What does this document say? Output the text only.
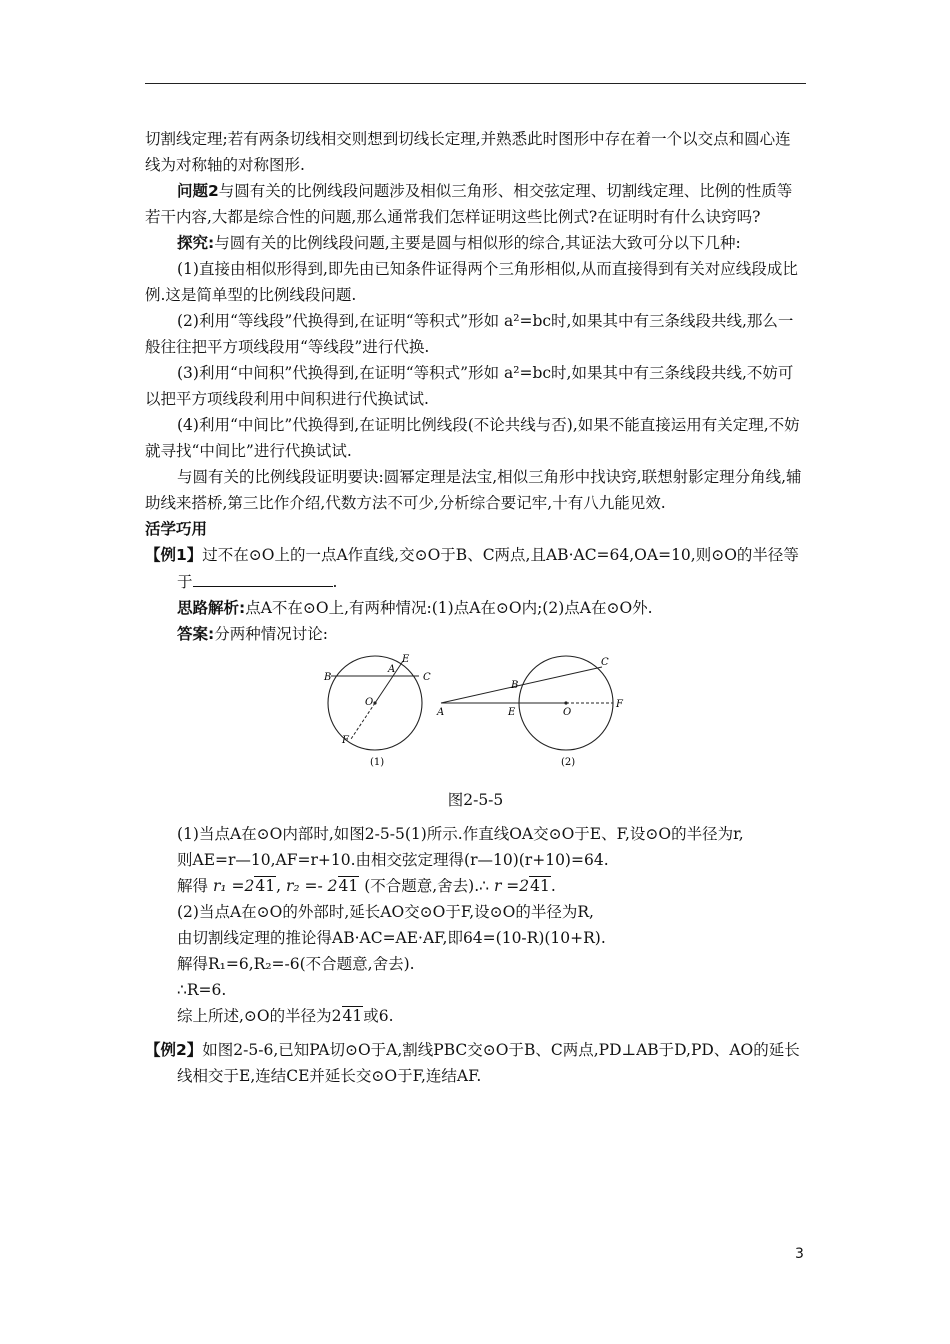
切割线定理;若有两条切线相交则想到切线长定理,并熟悉此时图形中存在着一个以交点和圆心连线为对称轴的对称图形.

问题2与圆有关的比例线段问题涉及相似三角形、相交弦定理、切割线定理、比例的性质等若干内容,大都是综合性的问题,那么通常我们怎样证明这些比例式?在证明时有什么诀窍吗?

探究:与圆有关的比例线段问题,主要是圆与相似形的综合,其证法大致可分以下几种:

(1)直接由相似形得到,即先由已知条件证得两个三角形相似,从而直接得到有关对应线段成比例.这是简单型的比例线段问题.

(2)利用“等线段”代换得到,在证明“等积式”形如 a²=bc时,如果其中有三条线段共线,那么一般往往把平方项线段用“等线段”进行代换.

(3)利用“中间积”代换得到,在证明“等积式”形如 a²=bc时,如果其中有三条线段共线,不妨可以把平方项线段利用中间积进行代换试试.

(4)利用“中间比”代换得到,在证明比例线段(不论共线与否),如果不能直接运用有关定理,不妨就寻找“中间比”进行代换试试.

与圆有关的比例线段证明要诀:圆幂定理是法宝,相似三角形中找诀窍,联想射影定理分角线,辅助线来搭桥,第三比作介绍,代数方法不可少,分析综合要记牢,十有八九能见效.

活学巧用

【例1】过不在⊙O上的一点A作直线,交⊙O于B、C两点,且AB·AC=64,OA=10,则⊙O的半径等于	.

思路解析:点A不在⊙O上,有两种情况:(1)点A在⊙O内;(2)点A在⊙O外.

答案:分两种情况讨论:

B
A
E
C
O
F
(1)
C
B
A	E	O
F
(2)

图2-5-5

(1)当点A在⊙O内部时,如图2-5-5(1)所示.作直线OA交⊙O于E、F,设⊙O的半径为r,

则AE=r—10,AF=r+10.由相交弦定理得(r—10)(r+10)=64.

解得 r₁ =241, r₂ =- 241 (不合题意,舍去).∴ r =241.

(2)当点A在⊙O的外部时,延长AO交⊙O于F,设⊙O的半径为R,

由切割线定理的推论得AB·AC=AE·AF,即64=(10-R)(10+R).

解得R₁=6,R₂=-6(不合题意,舍去).

∴R=6.

综上所述,⊙O的半径为241或6.

【例2】如图2-5-6,已知PA切⊙O于A,割线PBC交⊙O于B、C两点,PD⊥AB于D,PD、AO的延长线相交于E,连结CE并延长交⊙O于F,连结AF.

3
